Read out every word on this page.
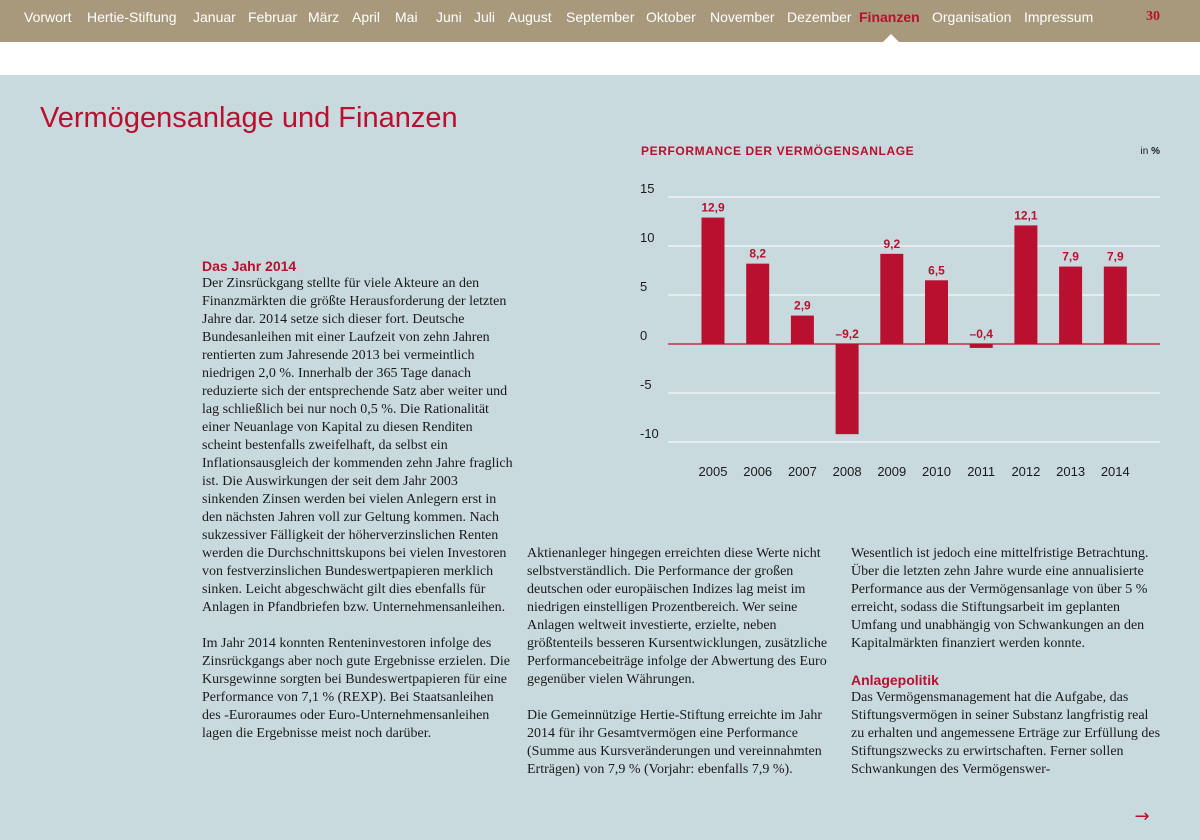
Vorwort Hertie-Stiftung Januar Februar März April Mai Juni Juli August September Oktober November Dezember Finanzen Organisation Impressum	30
Vermögensanlage und Finanzen
PERFORMANCE DER VERMÖGENSANLAGE	in %
15
10
5
0
-5
-10
12,9
2005
8,2
2006
2,9
2007
–9,2
2008
9,2
2009
6,5
2010
–0,4
2011
12,1
2012
7,9
2013
7,9
2014
Das Jahr 2014

Der Zinsrückgang stellte für viele Akteure an den Finanzmärkten die größte Herausforderung der letzten Jahre dar. 2014 setze sich dieser fort. Deutsche Bundesanleihen mit einer Laufzeit von zehn Jahren rentierten zum Jahresende 2013 bei vermeintlich niedrigen 2,0 %. Innerhalb der 365 Tage danach reduzierte sich der entsprechende Satz aber weiter und lag schließlich bei nur noch 0,5 %. Die Rationalität einer Neuanlage von Kapital zu diesen Renditen scheint bestenfalls zweifelhaft, da selbst ein Inflationsausgleich der kommenden zehn Jahre fraglich ist. Die Auswirkungen der seit dem Jahr 2003 sinkenden Zinsen werden bei vielen Anlegern erst in den nächsten Jahren voll zur Geltung kommen. Nach sukzessiver Fälligkeit der höherverzinslichen Renten werden die Durchschnittskupons bei vielen Investoren von festverzinslichen Bundeswertpapieren merklich sinken. Leicht abgeschwächt gilt dies ebenfalls für Anlagen in Pfandbriefen bzw. Unternehmensanleihen.

Im Jahr 2014 konnten Renteninvestoren infolge des Zinsrückgangs aber noch gute Ergebnisse erzielen. Die Kursgewinne sorgten bei Bundeswertpapieren für eine Performance von 7,1 % (REXP). Bei Staatsanleihen des -Euroraumes oder Euro-Unternehmensanleihen lagen die Ergebnisse meist noch darüber.

Aktienanleger hingegen erreichten diese Werte nicht selbstverständlich. Die Performance der großen deutschen oder europäischen Indizes lag meist im niedrigen einstelligen Prozentbereich. Wer seine Anlagen weltweit investierte, erzielte, neben größtenteils besseren Kursentwicklungen, zusätzliche Performancebeiträge infolge der Abwertung des Euro gegenüber vielen Währungen.

Die Gemeinnützige Hertie-Stiftung erreichte im Jahr 2014 für ihr Gesamtvermögen eine Performance (Summe aus Kursveränderungen und vereinnahmten Erträgen) von 7,9 % (Vorjahr: ebenfalls 7,9 %).

Wesentlich ist jedoch eine mittelfristige Betrachtung. Über die letzten zehn Jahre wurde eine annualisierte Performance aus der Vermögensanlage von über 5 % erreicht, sodass die Stiftungsarbeit im geplanten Umfang und unabhängig von Schwankungen an den Kapitalmärkten finanziert werden konnte.

Anlagepolitik

Das Vermögensmanagement hat die Aufgabe, das Stiftungsvermögen in seiner Substanz langfristig real zu erhalten und angemessene Erträge zur Erfüllung des Stiftungszwecks zu erwirtschaften. Ferner sollen Schwankungen des Vermögenswer-

→
